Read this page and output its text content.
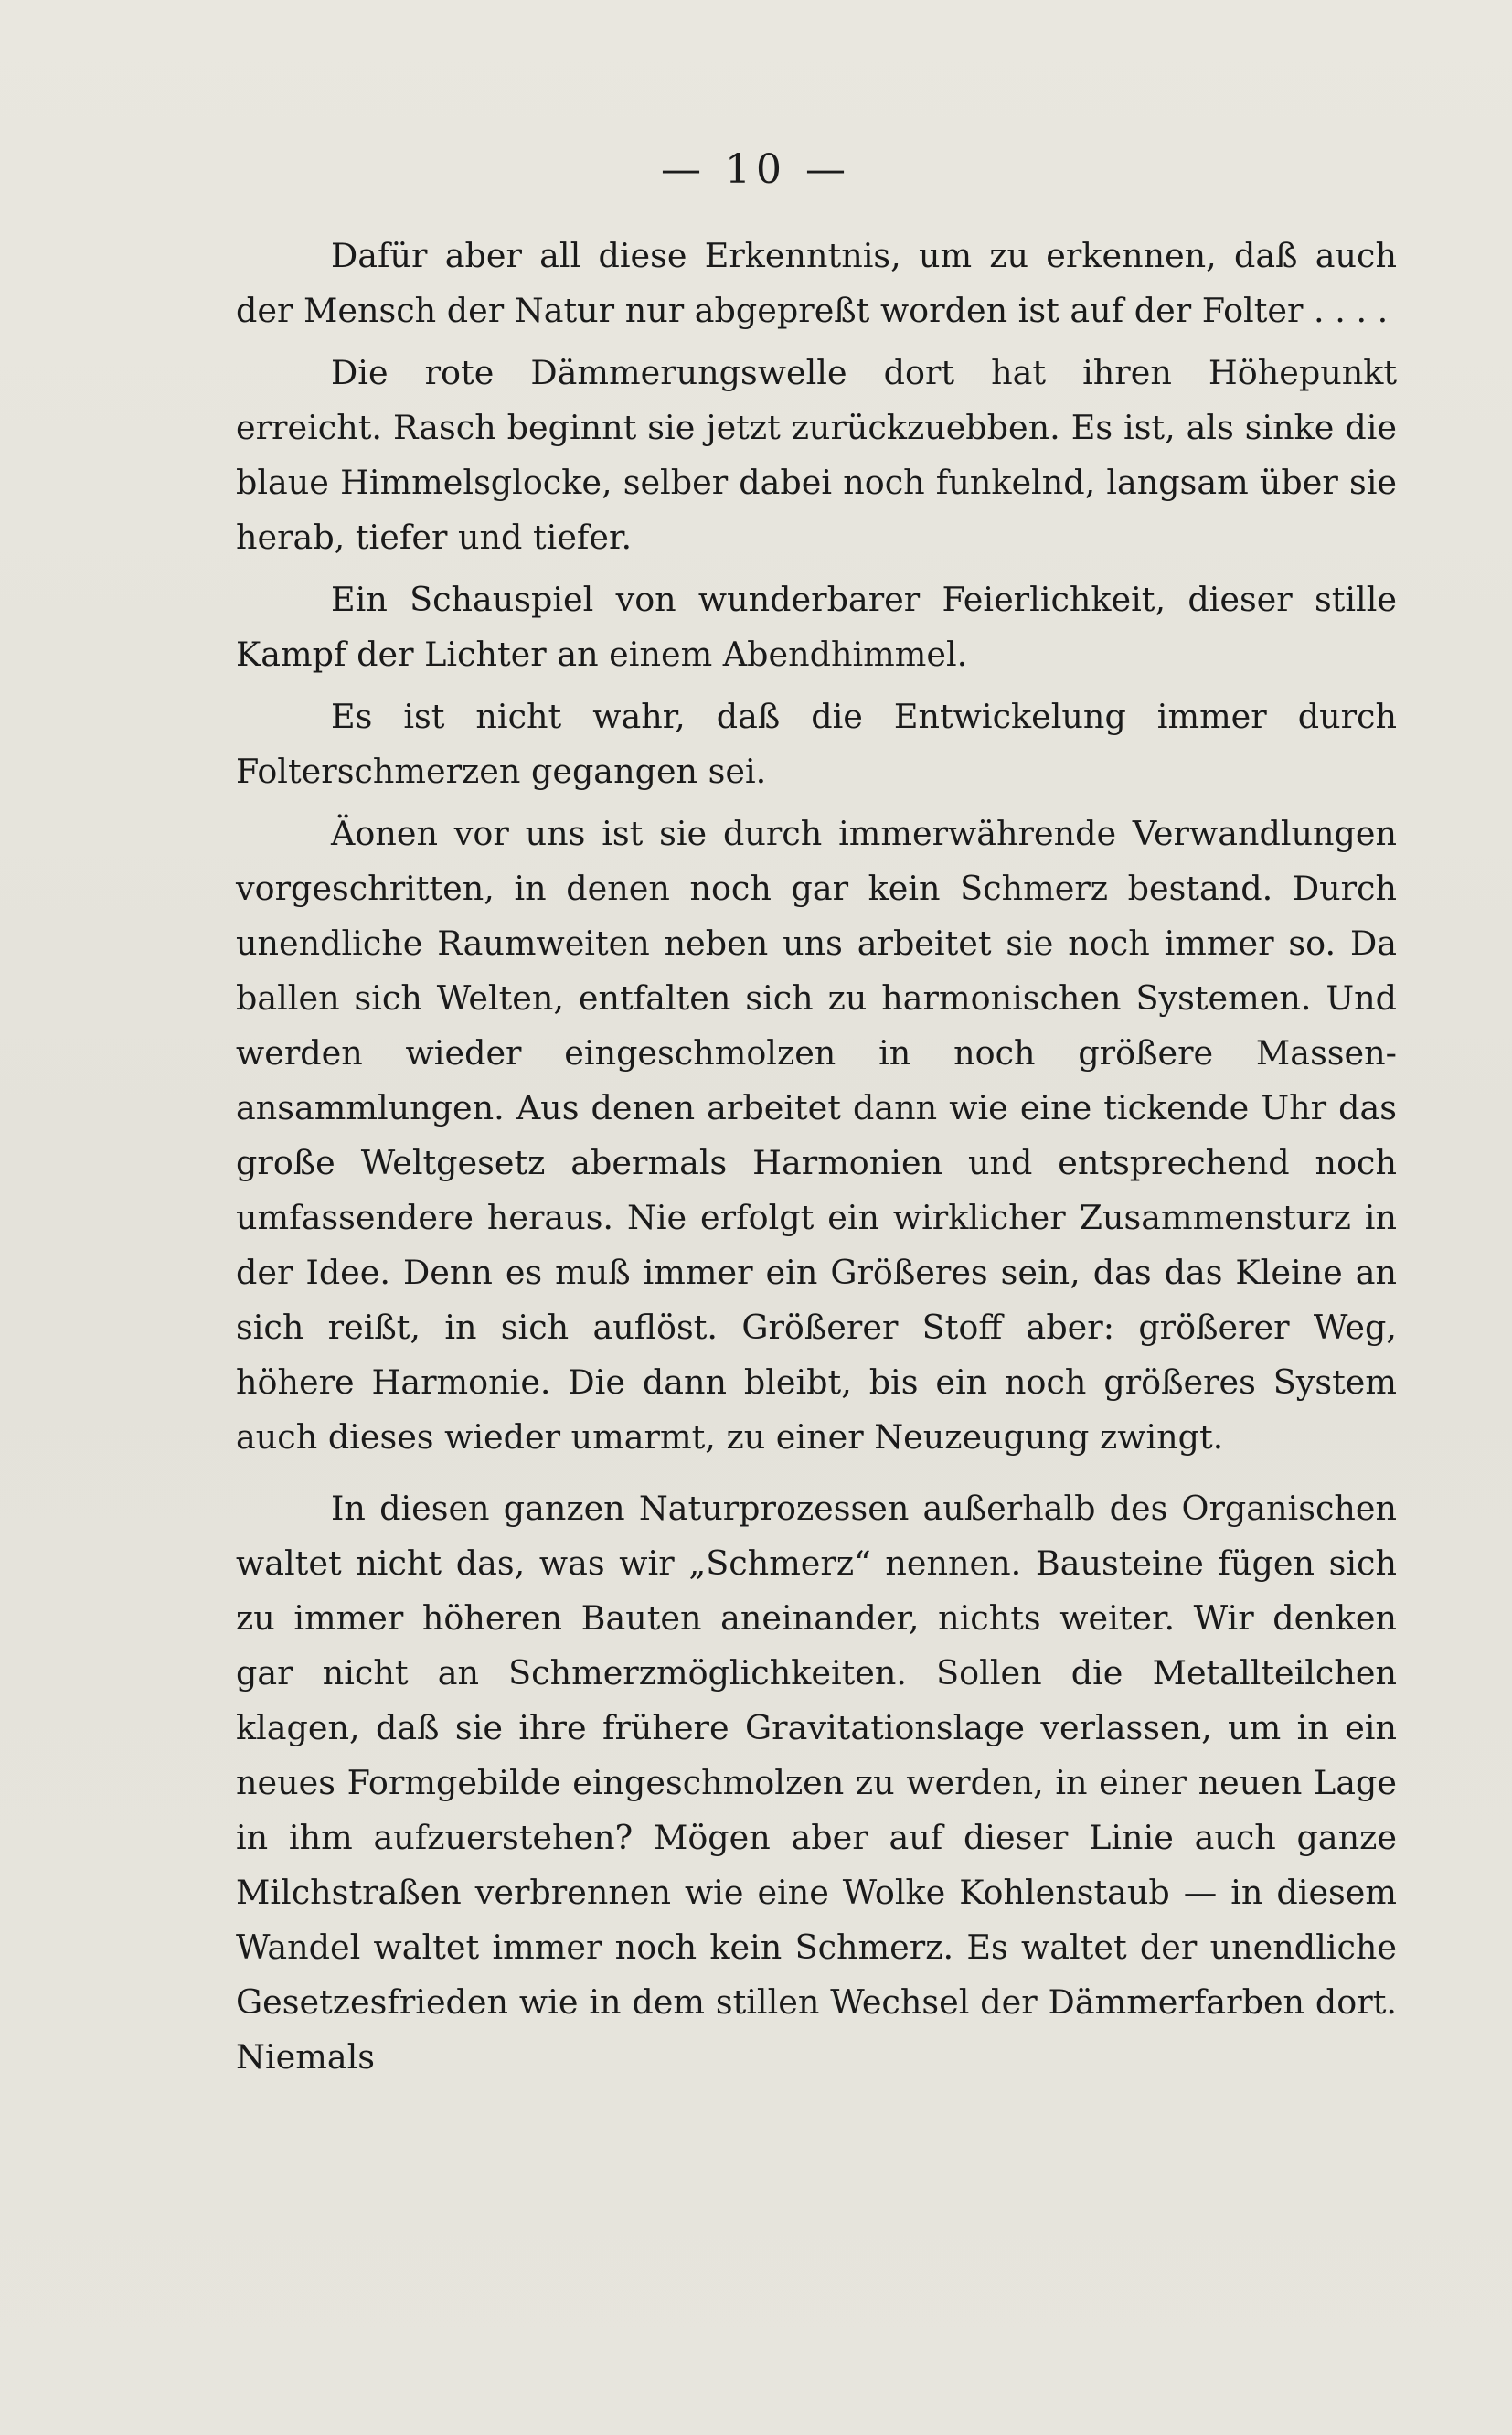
— 10 —

Dafür aber all diese Erkenntnis, um zu erkennen, daß auch der Mensch der Natur nur abgepreßt worden ist auf der Folter . . . .

Die rote Dämmerungswelle dort hat ihren Höhepunkt erreicht. Rasch beginnt sie jetzt zurückzuebben. Es ist, als sinke die blaue Himmelsglocke, selber dabei noch funkelnd, langsam über sie herab, tiefer und tiefer.

Ein Schauspiel von wunderbarer Feierlichkeit, dieser stille Kampf der Lichter an einem Abendhimmel.

Es ist nicht wahr, daß die Entwickelung immer durch Folterschmerzen gegangen sei.

Äonen vor uns ist sie durch immerwährende Verwandlungen vorgeschritten, in denen noch gar kein Schmerz bestand. Durch unendliche Raumweiten neben uns arbeitet sie noch immer so. Da ballen sich Welten, entfalten sich zu harmonischen Systemen. Und werden wieder eingeschmolzen in noch größere Massenansammlungen. Aus denen arbeitet dann wie eine tickende Uhr das große Weltgesetz abermals Harmonien und entsprechend noch umfassendere heraus. Nie erfolgt ein wirklicher Zusammensturz in der Idee. Denn es muß immer ein Größeres sein, das das Kleine an sich reißt, in sich auflöst. Größerer Stoff aber: größerer Weg, höhere Harmonie. Die dann bleibt, bis ein noch größeres System auch dieses wieder umarmt, zu einer Neuzeugung zwingt.

In diesen ganzen Naturprozessen außerhalb des Organischen waltet nicht das, was wir „Schmerz“ nennen. Bausteine fügen sich zu immer höheren Bauten aneinander, nichts weiter. Wir denken gar nicht an Schmerzmöglichkeiten. Sollen die Metallteilchen klagen, daß sie ihre frühere Gravitationslage verlassen, um in ein neues Formgebilde eingeschmolzen zu werden, in einer neuen Lage in ihm aufzuerstehen? Mögen aber auf dieser Linie auch ganze Milchstraßen verbrennen wie eine Wolke Kohlenstaub — in diesem Wandel waltet immer noch kein Schmerz. Es waltet der unendliche Gesetzesfrieden wie in dem stillen Wechsel der Dämmerfarben dort. Niemals
